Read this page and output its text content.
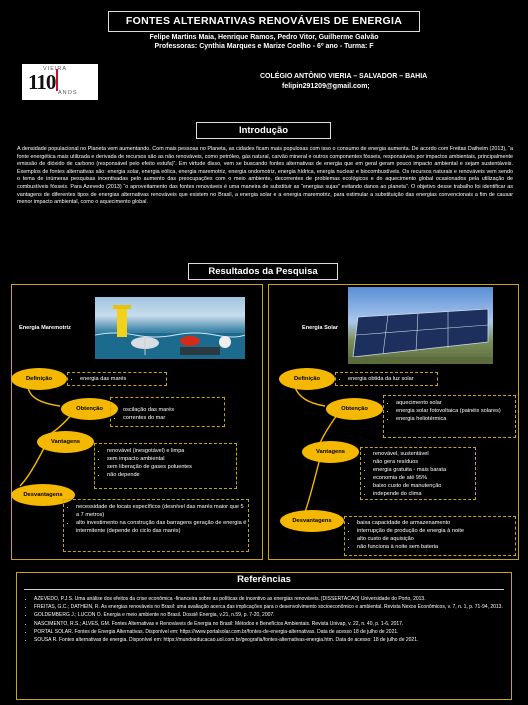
FONTES ALTERNATIVAS RENOVÁVEIS DE ENERGIA
Felipe Martins Maia, Henrique Ramos, Pedro Vitor, Guilherme Galvão
Professoras: Cynthia Marques e Marize Coelho - 6º ano - Turma: F
VIEIRA
110 ANOS
COLÉGIO ANTÔNIO VIERIA – SALVADOR – BAHIA
felipin291209@gmail.com;
Introdução
A densidade populacional no Planeta vem aumentando. Com mais pessoas no Planeta, as cidades ficam mais populosas com isso o consumo de energia aumenta. De acordo com Freitas Datheim (2013), “a fonte energética mais utilizada e derivada de recursos são as não renováveis, como petróleo, gás natural, carvão mineral e outros componentes fósseis, responsáveis por impactos ambientais, principalmente emissão de dióxido de carbono (responsável pelo efeito estufa)”. Em virtude disso, vem se buscando fontes alternativas de energia que em geral geram pouco impacto ambiental e sejam sustentáveis. Exemplos de fontes alternativas são: energia solar, energia eólica, energia maremotriz, energia ondomotriz, energia hídrica, energia nuclear e biocombustíveis. Os recursos naturais e renováveis vem sendo o tema de inúmeras pesquisas incentivadas pelo aumento das preocupações com o meio ambiente, decorrentes de problemas ecológicos e do aquecimento global ocasionados pela utilização de combustíveis fósseis. Para Azevedo (2013) “o aproveitamento das fontes renováveis é uma maneira de substituir as “energias sujas” evitando danos ao planeta”. O objetivo desse trabalho foi identificar as vantagens de diferentes tipos de energias alternativas renováveis que existem no Brasil, a energia solar e a energia maremotriz, para estimular a substituição das energias convencionais a fim de causar menor impacto ambiental, como o aquecimento global.
Resultados da Pesquisa
Energia Maremotriz	Energia Solar
Definição	• energia das marés
Obtenção	• oscilação das marés
• correntes do mar
Vantagens
• renovável (inesgotável) e limpa
• sem impacto ambiental
• sem liberação de gases poluentes
• não depende
Desvantagens
• necessidade de locais específicos (desnível das marés maior que 5 a 7 metros)
• alto investimento na construção das barragens geração de energia é intermitente (depende do ciclo das marés)
Definição	• energia obtida da luz solar
Obtenção
• aquecimento solar
• energia solar fotovoltaica (painéis solares)
• energia heliotérmica
Vantagens	• renovável, sustentável
• não gera resíduos
• energia gratuita - mais barata
• economia de até 95%
• baixo custo de manutenção
• independe do clima
Desvantagens	• baixa capacidade de armazenamento
• interrupção de produção de energia à noite
• alto custo de aquisição
• não funciona à noite sem bateria
Referências
• AZEVEDO, P.J.S. Uma análise dos efeitos da crise econômica -financeira sobre as políticas de incentivo as energias renováveis. [DISSERTACAO] Universidade do Porto, 2013.
• FREITAS, G.C.; DATHEIN, R. As energias renováveis no Brasil: uma avaliação acerca das implicações para o desenvolvimento socioeconômico e ambiental. Revista Nexos Econômicos, v. 7, n. 1, p. 71-94, 2013.
• GOLDEMBERG J.; LUCON O. Energia e meio ambiente no Brasil. Dossiê Energia, v.21, n.59, p. 7-20, 2007.
• NASCIMENTO, R.S.; ALVES, GM. Fontes Alternativas e Renováveis de Energia no Brasil: Métodos e Benefícios Ambientais. Revista Univap, v. 22, n. 40, p. 1-6, 2017.
• PORTAL SOLAR. Fontes de Energia Alternativas. Disponível em: https://www.portalsolar.com.br/fontes-de-energia-alternativas. Data de acesso 18 de julho de 2021.
• SOUSA R. Fontes alternativas de energia. Disponível em: https://mundoeducacao.uol.com.br/geografia/fontes-alternativas-energia.htm. Data de acesso: 18 de julho de 2021.
